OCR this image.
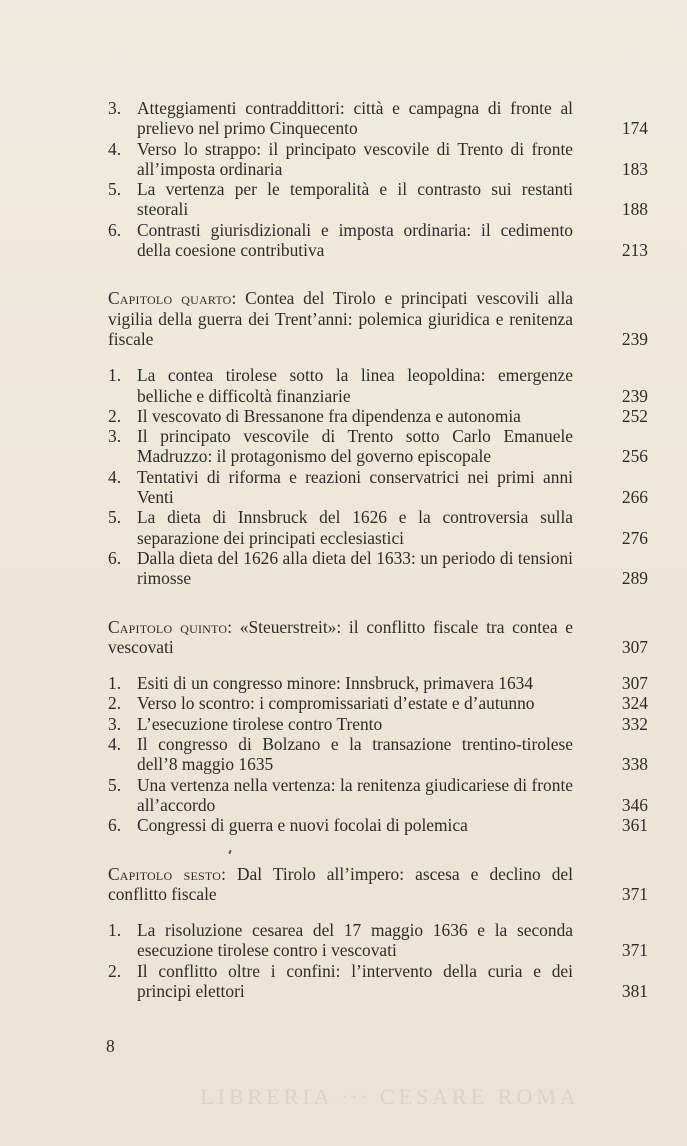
3. Atteggiamenti contraddittori: città e campagna di fronte al prelievo nel primo Cinquecento	174
4. Verso lo strappo: il principato vescovile di Trento di fronte all’imposta ordinaria	183
5. La vertenza per le temporalità e il contrasto sui restanti steorali	188
6. Contrasti giurisdizionali e imposta ordinaria: il cedimento della coesione contributiva	213
Capitolo quarto: Contea del Tirolo e principati vescovili alla vigilia della guerra dei Trent’anni: polemica giuridica e renitenza fiscale	239
1. La contea tirolese sotto la linea leopoldina: emergenze belliche e difficoltà finanziarie	239
2. Il vescovato di Bressanone fra dipendenza e autonomia	252
3. Il principato vescovile di Trento sotto Carlo Emanuele Madruzzo: il protagonismo del governo episcopale	256
4. Tentativi di riforma e reazioni conservatrici nei primi anni Venti	266
5. La dieta di Innsbruck del 1626 e la controversia sulla separazione dei principati ecclesiastici	276
6. Dalla dieta del 1626 alla dieta del 1633: un periodo di tensioni rimosse	289
Capitolo quinto: «Steuerstreit»: il conflitto fiscale tra contea e vescovati	307
1. Esiti di un congresso minore: Innsbruck, primavera 1634	307
2. Verso lo scontro: i compromissariati d’estate e d’autunno	324
3. L’esecuzione tirolese contro Trento	332
4. Il congresso di Bolzano e la transazione trentino-tirolese dell’8 maggio 1635	338
5. Una vertenza nella vertenza: la renitenza giudicariese di fronte all’accordo	346
6. Congressi di guerra e nuovi focolai di polemica	361
Capitolo sesto: Dal Tirolo all’impero: ascesa e declino del conflitto fiscale	371
1. La risoluzione cesarea del 17 maggio 1636 e la seconda esecuzione tirolese contro i vescovati	371
2. Il conflitto oltre i confini: l’intervento della curia e dei principi elettori	381
8
LIBRERIA ∙∙∙ CESARE ROMA
